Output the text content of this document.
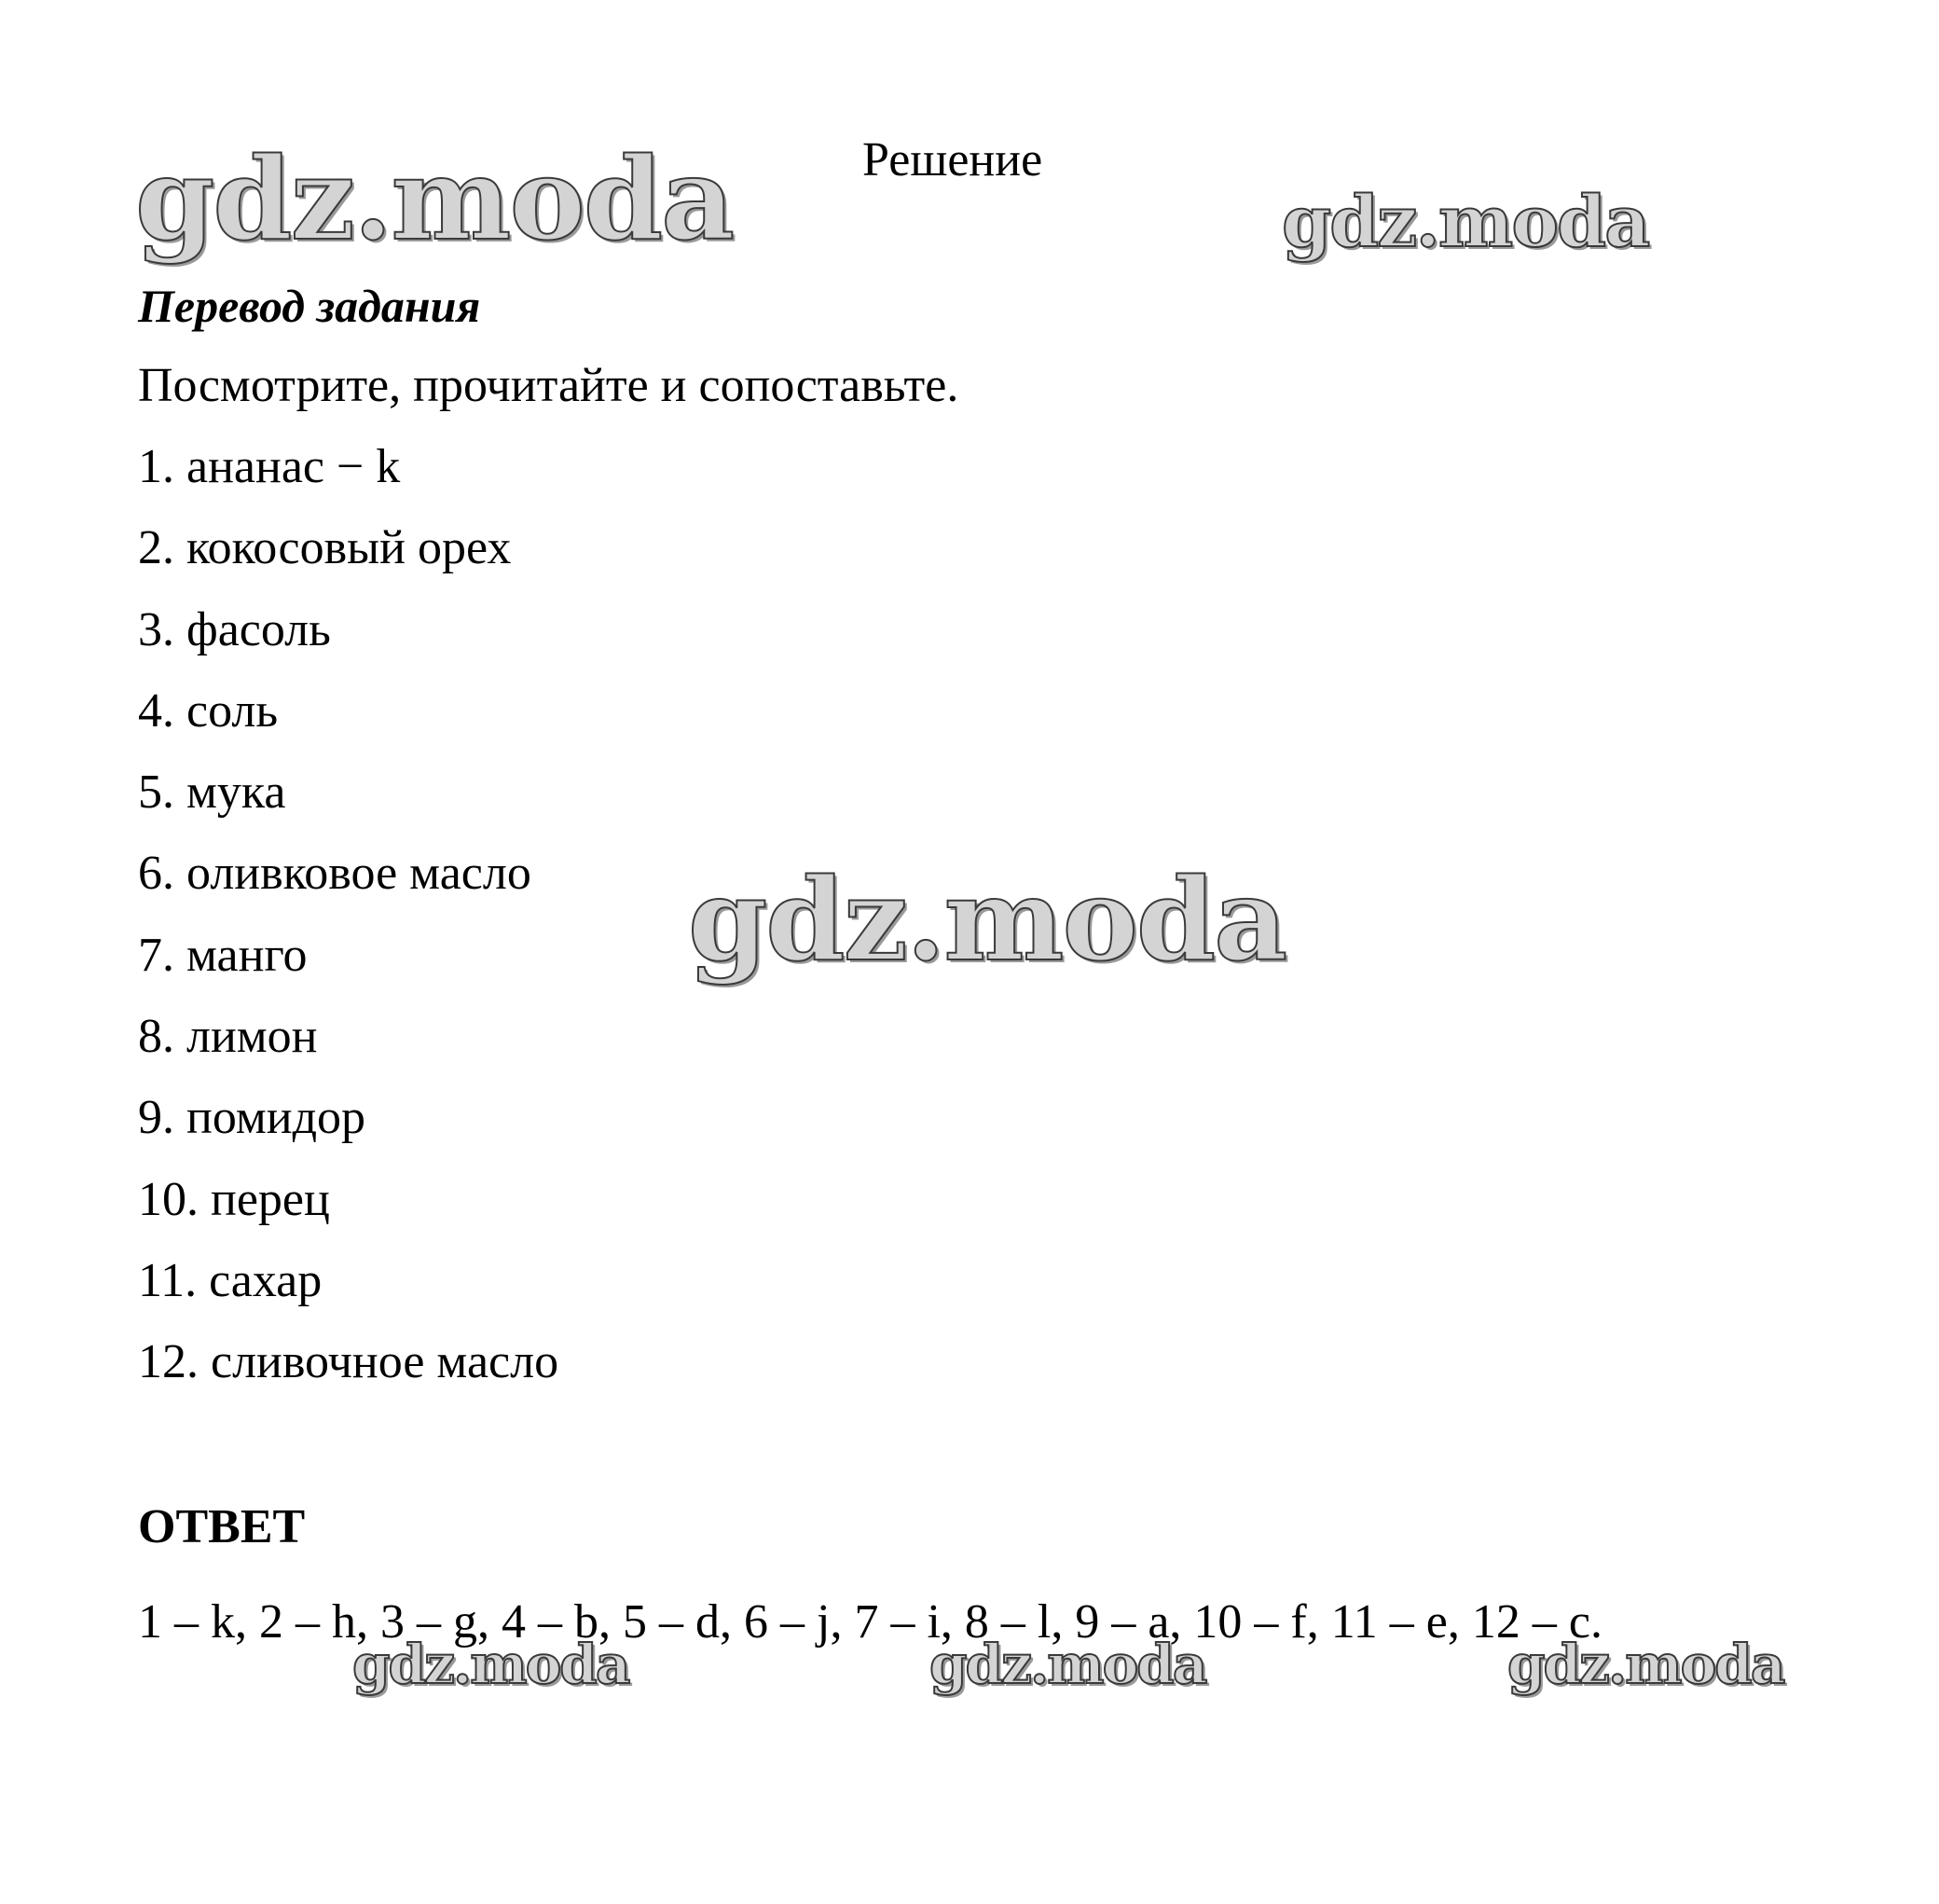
gdz.moda	gdz.moda
gdz.moda
gdz.moda	gdz.moda	gdz.moda
Решение
Перевод задания
Посмотрите, прочитайте и сопоставьте.
1. ананас − k
2. кокосовый орех
3. фасоль
4. соль
5. мука
6. оливковое масло
7. манго
8. лимон
9. помидор
10. перец
11. сахар
12. сливочное масло
ОТВЕТ
1 – k, 2 – h, 3 – g, 4 – b, 5 – d, 6 – j, 7 – i, 8 – l, 9 – a, 10 – f, 11 – e, 12 – c.
